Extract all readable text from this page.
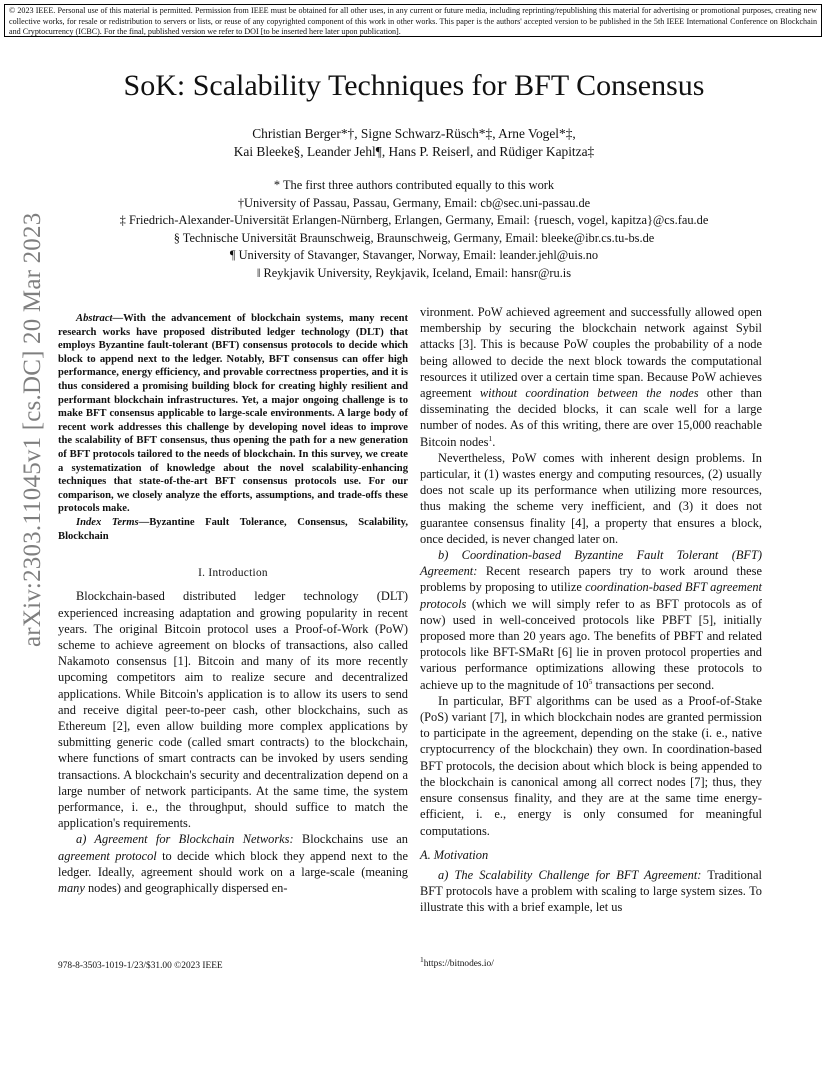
© 2023 IEEE. Personal use of this material is permitted. Permission from IEEE must be obtained for all other uses, in any current or future media, including reprinting/republishing this material for advertising or promotional purposes, creating new collective works, for resale or redistribution to servers or lists, or reuse of any copyrighted component of this work in other works. This paper is the authors' accepted version to be published in the 5th IEEE International Conference on Blockchain and Cryptocurrency (ICBC). For the final, published version we refer to DOI [to be inserted here later upon publication].
SoK: Scalability Techniques for BFT Consensus
Christian Berger*†, Signe Schwarz-Rüsch*‡, Arne Vogel*‡,
Kai Bleeke§, Leander Jehl¶, Hans P. Reiser‖, and Rüdiger Kapitza‡
* The first three authors contributed equally to this work
†University of Passau, Passau, Germany, Email: cb@sec.uni-passau.de
‡ Friedrich-Alexander-Universität Erlangen-Nürnberg, Erlangen, Germany, Email: {ruesch, vogel, kapitza}@cs.fau.de
§ Technische Universität Braunschweig, Braunschweig, Germany, Email: bleeke@ibr.cs.tu-bs.de
¶ University of Stavanger, Stavanger, Norway, Email: leander.jehl@uis.no
‖ Reykjavik University, Reykjavik, Iceland, Email: hansr@ru.is
arXiv:2303.11045v1 [cs.DC] 20 Mar 2023	Abstract—With the advancement of blockchain systems, many recent research works have proposed distributed ledger technology (DLT) that employs Byzantine fault-tolerant (BFT) consensus protocols to decide which block to append next to the ledger. Notably, BFT consensus can offer high performance, energy efficiency, and provable correctness properties, and it is thus considered a promising building block for creating highly resilient and performant blockchain infrastructures. Yet, a major ongoing challenge is to make BFT consensus applicable to large-scale environments. A large body of recent work addresses this challenge by developing novel ideas to improve the scalability of BFT consensus, thus opening the path for a new generation of BFT protocols tailored to the needs of blockchain. In this survey, we create a systematization of knowledge about the novel scalability-enhancing techniques that state-of-the-art BFT consensus protocols use. For our comparison, we closely analyze the efforts, assumptions, and trade-offs these protocols make.

Index Terms—Byzantine Fault Tolerance, Consensus, Scalability, Blockchain

I. Introduction

Blockchain-based distributed ledger technology (DLT) experienced increasing adaptation and growing popularity in recent years. The original Bitcoin protocol uses a Proof-of-Work (PoW) scheme to achieve agreement on blocks of transactions, also called Nakamoto consensus [1]. Bitcoin and many of its more recently upcoming competitors aim to realize secure and decentralized applications. While Bitcoin's application is to allow its users to send and receive digital peer-to-peer cash, other blockchains, such as Ethereum [2], even allow building more complex applications by submitting generic code (called smart contracts) to the blockchain, where functions of smart contracts can be invoked by users sending transactions. A blockchain's security and decentralization depend on a large number of network participants. At the same time, the system performance, i. e., the throughput, should suffice to match the application's requirements.

a) Agreement for Blockchain Networks: Blockchains use an agreement protocol to decide which block they append next to the ledger. Ideally, agreement should work on a large-scale (meaning many nodes) and geographically dispersed en-

vironment. PoW achieved agreement and successfully allowed open membership by securing the blockchain network against Sybil attacks [3]. This is because PoW couples the probability of a node being allowed to decide the next block towards the computational resources it utilized over a certain time span. Because PoW achieves agreement without coordination between the nodes other than disseminating the decided blocks, it can scale well for a large number of nodes. As of this writing, there are over 15,000 reachable Bitcoin nodes$^1$.

Nevertheless, PoW comes with inherent design problems. In particular, it (1) wastes energy and computing resources, (2) usually does not scale up its performance when utilizing more resources, thus making the scheme very inefficient, and (3) it does not guarantee consensus finality [4], a property that ensures a block, once decided, is never changed later on.

b) Coordination-based Byzantine Fault Tolerant (BFT) Agreement: Recent research papers try to work around these problems by proposing to utilize coordination-based BFT agreement protocols (which we will simply refer to as BFT protocols as of now) used in well-conceived protocols like PBFT [5], initially proposed more than 20 years ago. The benefits of PBFT and related protocols like BFT-SMaRt [6] lie in proven protocol properties and various performance optimizations allowing these protocols to achieve up to the magnitude of $10^5$ transactions per second.

In particular, BFT algorithms can be used as a Proof-of-Stake (PoS) variant [7], in which blockchain nodes are granted permission to participate in the agreement, depending on the stake (i. e., native cryptocurrency of the blockchain) they own. In coordination-based BFT protocols, the decision about which block is being appended to the blockchain is canonical among all correct nodes [7]; thus, they ensure consensus finality, and they are at the same time energy-efficient, i. e., energy is only consumed for meaningful computations.

A. Motivation

a) The Scalability Challenge for BFT Agreement: Traditional BFT protocols have a problem with scaling to large system sizes. To illustrate this with a brief example, let us

978-8-3503-1019-1/23/$31.00 ©2023 IEEE
$^1$https://bitnodes.io/
